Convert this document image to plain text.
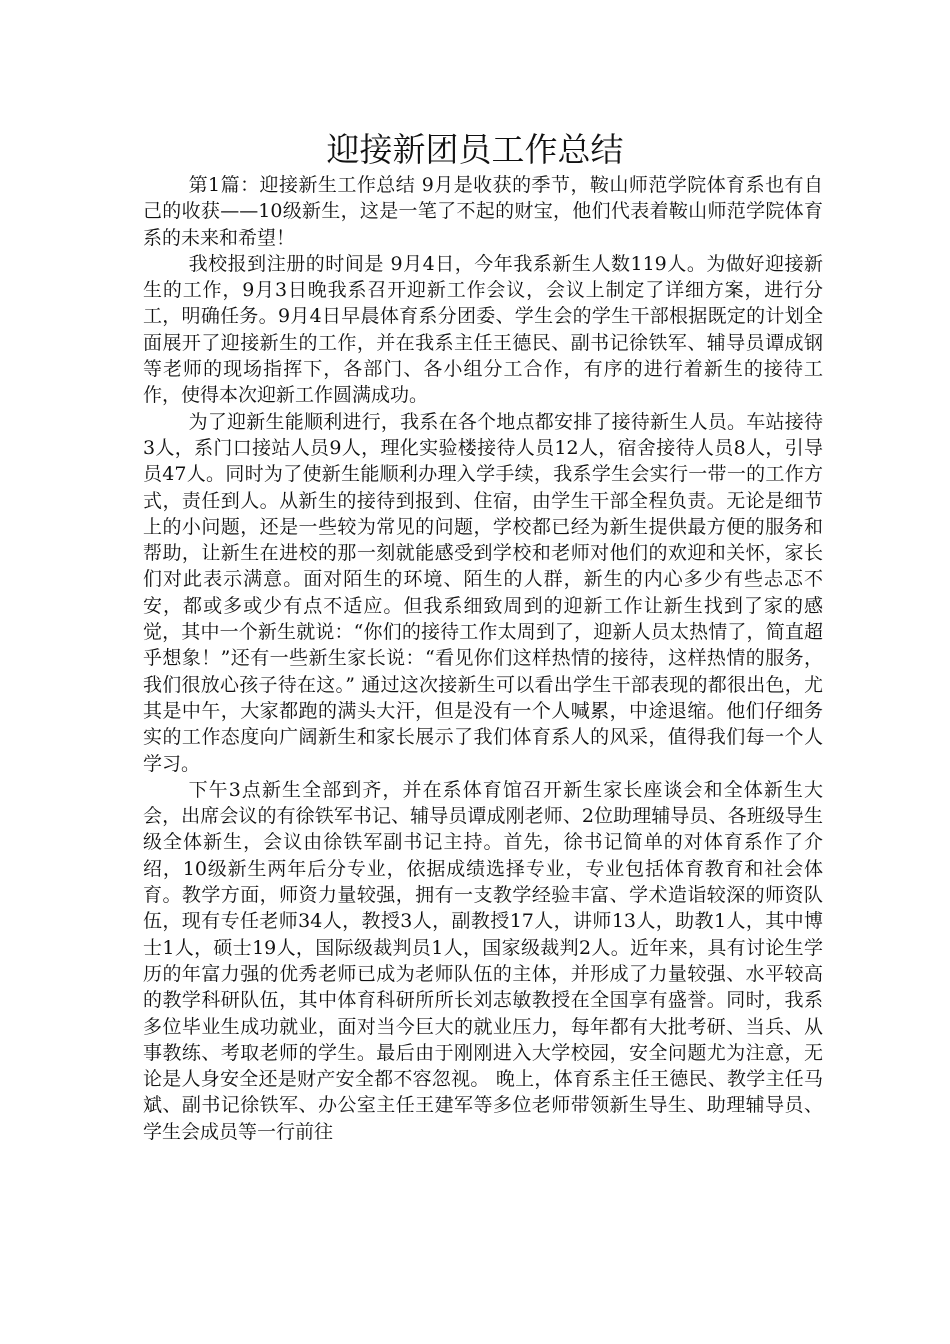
迎接新团员工作总结

第1篇：迎接新生工作总结 9月是收获的季节，鞍山师范学院体育系也有自己的收获——10级新生，这是一笔了不起的财宝，他们代表着鞍山师范学院体育系的未来和希望！

我校报到注册的时间是 9月4日，今年我系新生人数119人。为做好迎接新生的工作，9月3日晚我系召开迎新工作会议，会议上制定了详细方案，进行分工，明确任务。9月4日早晨体育系分团委、学生会的学生干部根据既定的计划全面展开了迎接新生的工作，并在我系主任王德民、副书记徐铁军、辅导员谭成钢等老师的现场指挥下，各部门、各小组分工合作，有序的进行着新生的接待工作，使得本次迎新工作圆满成功。

为了迎新生能顺利进行，我系在各个地点都安排了接待新生人员。车站接待3人，系门口接站人员9人，理化实验楼接待人员12人，宿舍接待人员8人，引导员47人。同时为了使新生能顺利办理入学手续，我系学生会实行一带一的工作方式，责任到人。从新生的接待到报到、住宿，由学生干部全程负责。无论是细节上的小问题，还是一些较为常见的问题，学校都已经为新生提供最方便的服务和帮助，让新生在进校的那一刻就能感受到学校和老师对他们的欢迎和关怀，家长们对此表示满意。面对陌生的环境、陌生的人群，新生的内心多少有些忐忑不安，都或多或少有点不适应。但我系细致周到的迎新工作让新生找到了家的感觉，其中一个新生就说：“你们的接待工作太周到了，迎新人员太热情了，简直超乎想象！”还有一些新生家长说：“看见你们这样热情的接待，这样热情的服务，我们很放心孩子待在这。” 通过这次接新生可以看出学生干部表现的都很出色，尤其是中午，大家都跑的满头大汗，但是没有一个人喊累，中途退缩。他们仔细务实的工作态度向广阔新生和家长展示了我们体育系人的风采，值得我们每一个人学习。

下午3点新生全部到齐，并在系体育馆召开新生家长座谈会和全体新生大会，出席会议的有徐铁军书记、辅导员谭成刚老师、2位助理辅导员、各班级导生级全体新生，会议由徐铁军副书记主持。首先，徐书记简单的对体育系作了介绍，10级新生两年后分专业，依据成绩选择专业，专业包括体育教育和社会体育。教学方面，师资力量较强，拥有一支教学经验丰富、学术造诣较深的师资队伍，现有专任老师34人，教授3人，副教授17人，讲师13人，助教1人，其中博士1人，硕士19人，国际级裁判员1人，国家级裁判2人。近年来，具有讨论生学历的年富力强的优秀老师已成为老师队伍的主体，并形成了力量较强、水平较高的教学科研队伍，其中体育科研所所长刘志敏教授在全国享有盛誉。同时，我系多位毕业生成功就业，面对当今巨大的就业压力，每年都有大批考研、当兵、从事教练、考取老师的学生。最后由于刚刚进入大学校园，安全问题尤为注意，无论是人身安全还是财产安全都不容忽视。 晚上，体育系主任王德民、教学主任马斌、副书记徐铁军、办公室主任王建军等多位老师带领新生导生、助理辅导员、学生会成员等一行前往
